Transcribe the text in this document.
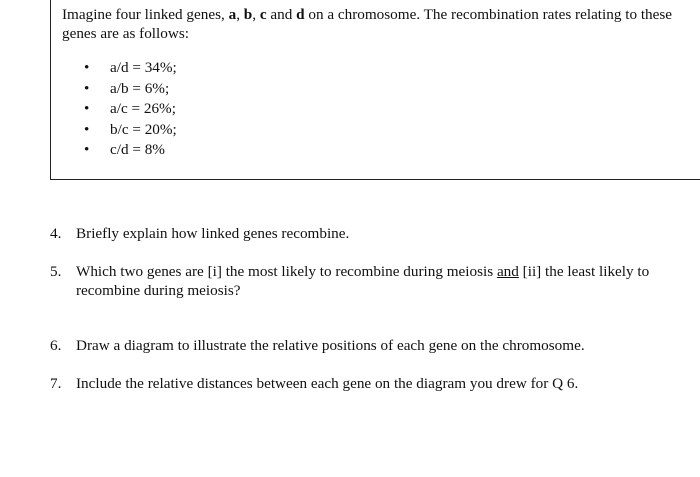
Imagine four linked genes, a, b, c and d on a chromosome. The recombination rates relating to these genes are as follows:

• a/d = 34%;
• a/b = 6%;
• a/c = 26%;
• b/c = 20%;
• c/d = 8%
4. Briefly explain how linked genes recombine.
5. Which two genes are [i] the most likely to recombine during meiosis and [ii] the least likely to recombine during meiosis?
6. Draw a diagram to illustrate the relative positions of each gene on the chromosome.
7. Include the relative distances between each gene on the diagram you drew for Q 6.
